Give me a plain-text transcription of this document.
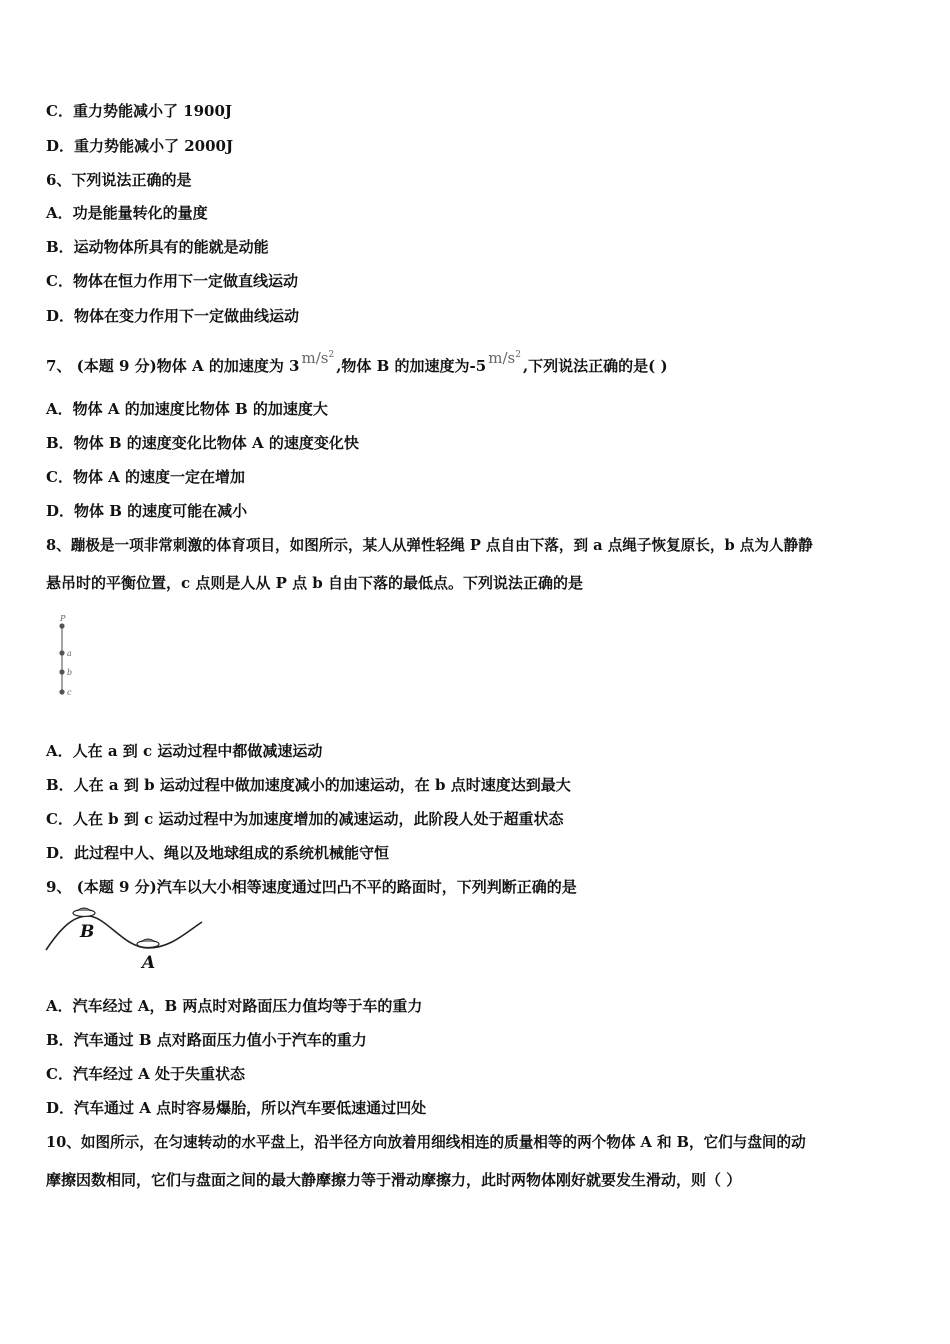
C．重力势能减小了 1900J
D．重力势能减小了 2000J
6、下列说法正确的是
A．功是能量转化的量度
B．运动物体所具有的能就是动能
C．物体在恒力作用下一定做直线运动
D．物体在变力作用下一定做曲线运动
7、 (本题 9 分)物体 A 的加速度为 3 $m/s^2$,物体 B 的加速度为-5 $m/s^2$,下列说法正确的是( )
A．物体 A 的加速度比物体 B 的加速度大
B．物体 B 的速度变化比物体 A 的速度变化快
C．物体 A 的速度一定在增加
D．物体 B 的速度可能在减小
8、蹦极是一项非常刺激的体育项目，如图所示，某人从弹性轻绳 P 点自由下落，到 a 点绳子恢复原长，b 点为人静静
悬吊时的平衡位置，c 点则是人从 P 点 b 自由下落的最低点。下列说法正确的是
P
a
b
c
A．人在 a 到 c 运动过程中都做减速运动
B．人在 a 到 b 运动过程中做加速度减小的加速运动，在 b 点时速度达到最大
C．人在 b 到 c 运动过程中为加速度增加的减速运动，此阶段人处于超重状态
D．此过程中人、绳以及地球组成的系统机械能守恒
9、 (本题 9 分)汽车以大小相等速度通过凹凸不平的路面时，下列判断正确的是
B
A
A．汽车经过 A，B 两点时对路面压力值均等于车的重力
B．汽车通过 B 点对路面压力值小于汽车的重力
C．汽车经过 A 处于失重状态
D．汽车通过 A 点时容易爆胎，所以汽车要低速通过凹处
10、如图所示，在匀速转动的水平盘上，沿半径方向放着用细线相连的质量相等的两个物体 A 和 B，它们与盘间的动
摩擦因数相同，它们与盘面之间的最大静摩擦力等于滑动摩擦力，此时两物体刚好就要发生滑动，则（ ）
